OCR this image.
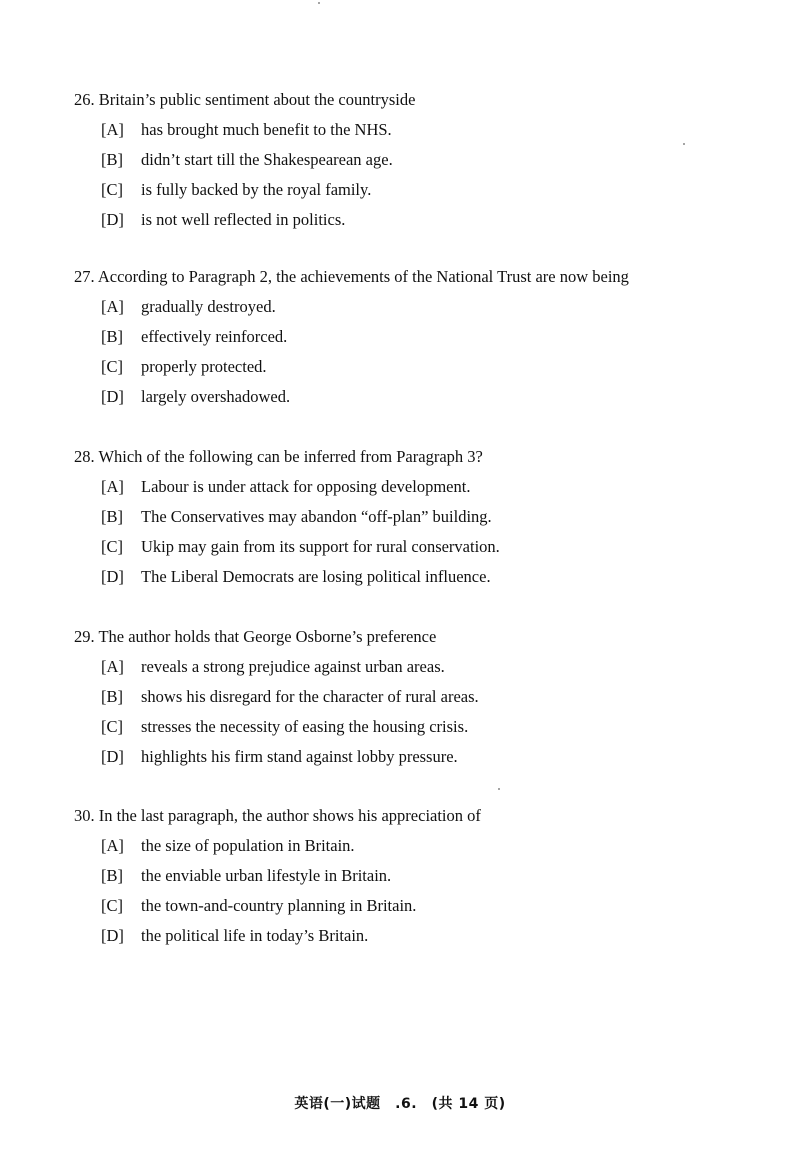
26. Britain’s public sentiment about the countryside
[A] has brought much benefit to the NHS.
[B] didn’t start till the Shakespearean age.
[C] is fully backed by the royal family.
[D] is not well reflected in politics.
27. According to Paragraph 2, the achievements of the National Trust are now being
[A] gradually destroyed.
[B] effectively reinforced.
[C] properly protected.
[D] largely overshadowed.
28. Which of the following can be inferred from Paragraph 3?
[A] Labour is under attack for opposing development.
[B] The Conservatives may abandon “off-plan” building.
[C] Ukip may gain from its support for rural conservation.
[D] The Liberal Democrats are losing political influence.
29. The author holds that George Osborne’s preference
[A] reveals a strong prejudice against urban areas.
[B] shows his disregard for the character of rural areas.
[C] stresses the necessity of easing the housing crisis.
[D] highlights his firm stand against lobby pressure.
30. In the last paragraph, the author shows his appreciation of
[A] the size of population in Britain.
[B] the enviable urban lifestyle in Britain.
[C] the town-and-country planning in Britain.
[D] the political life in today’s Britain.
英语(一)试题　.6.　(共 14 页)
